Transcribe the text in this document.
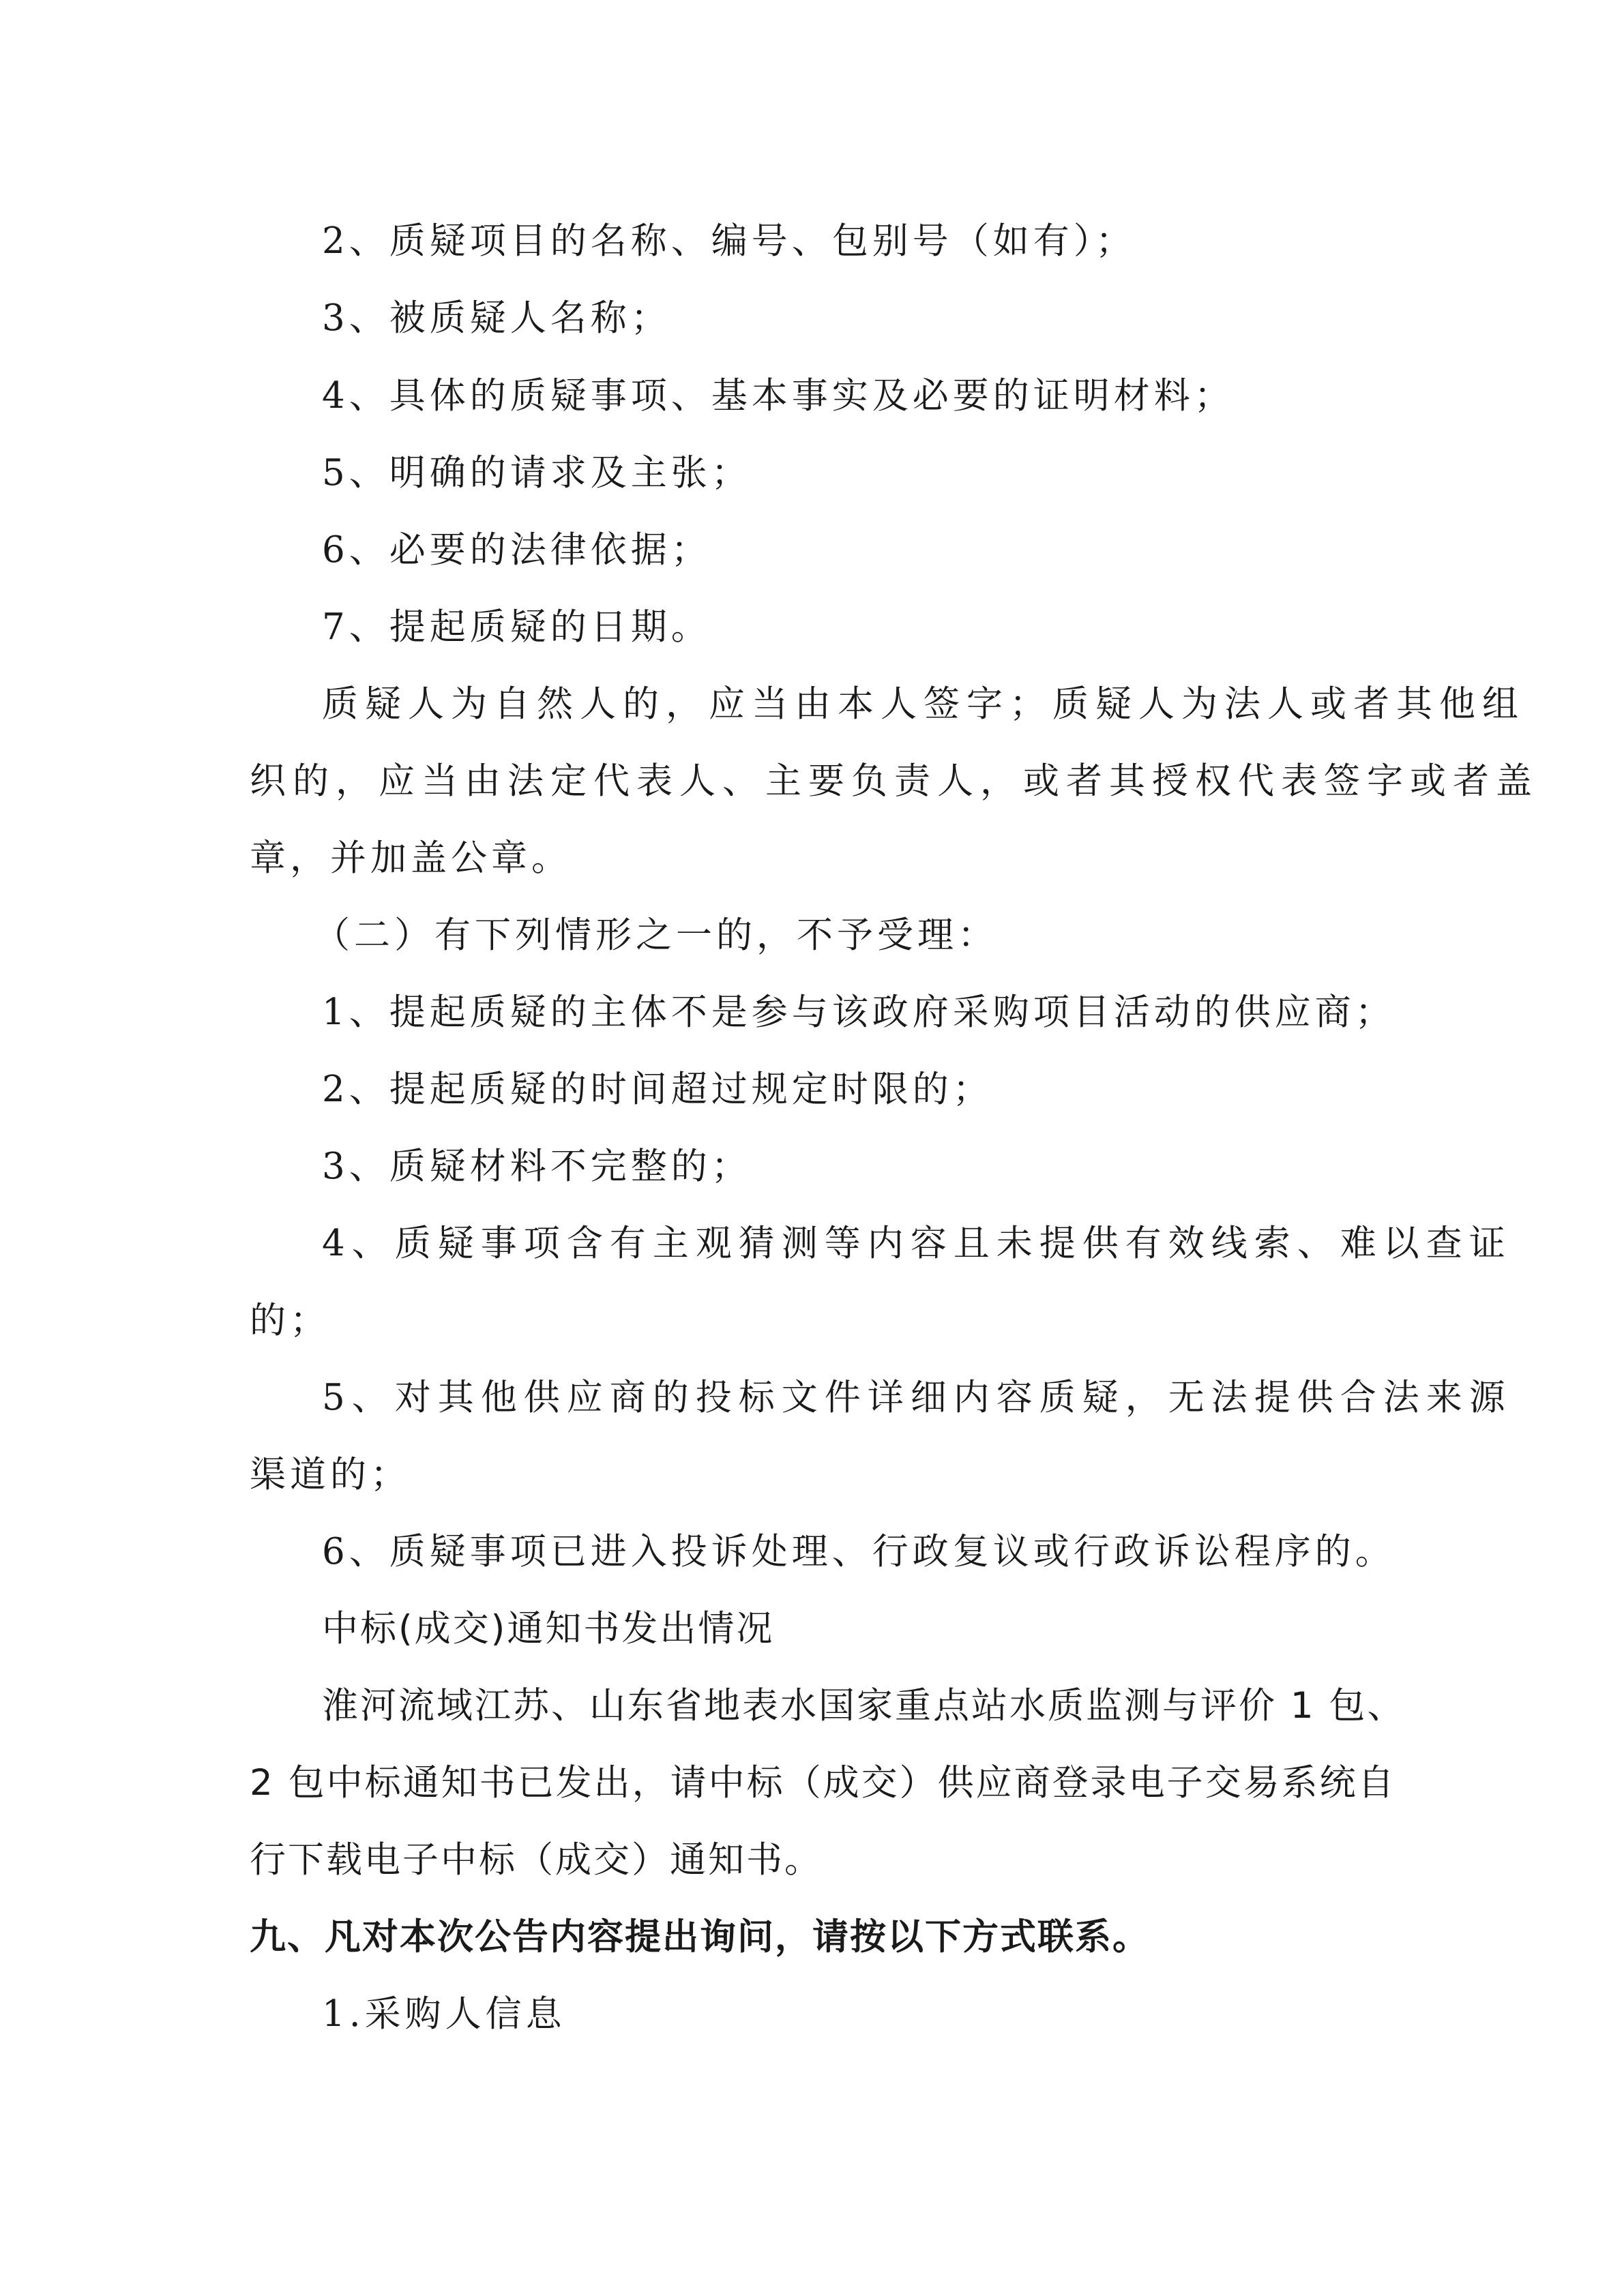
2、质疑项目的名称、编号、包别号（如有）；
3、被质疑人名称；
4、具体的质疑事项、基本事实及必要的证明材料；
5、明确的请求及主张；
6、必要的法律依据；
7、提起质疑的日期。
质疑人为自然人的，应当由本人签字；质疑人为法人或者其他组
织的，应当由法定代表人、主要负责人，或者其授权代表签字或者盖
章，并加盖公章。
（二）有下列情形之一的，不予受理：
1、提起质疑的主体不是参与该政府采购项目活动的供应商；
2、提起质疑的时间超过规定时限的；
3、质疑材料不完整的；
4、质疑事项含有主观猜测等内容且未提供有效线索、难以查证
的；
5、对其他供应商的投标文件详细内容质疑，无法提供合法来源
渠道的；
6、质疑事项已进入投诉处理、行政复议或行政诉讼程序的。
中标(成交)通知书发出情况
淮河流域江苏、山东省地表水国家重点站水质监测与评价 1 包、
2 包中标通知书已发出，请中标（成交）供应商登录电子交易系统自
行下载电子中标（成交）通知书。
九、凡对本次公告内容提出询问，请按以下方式联系。
1.采购人信息
